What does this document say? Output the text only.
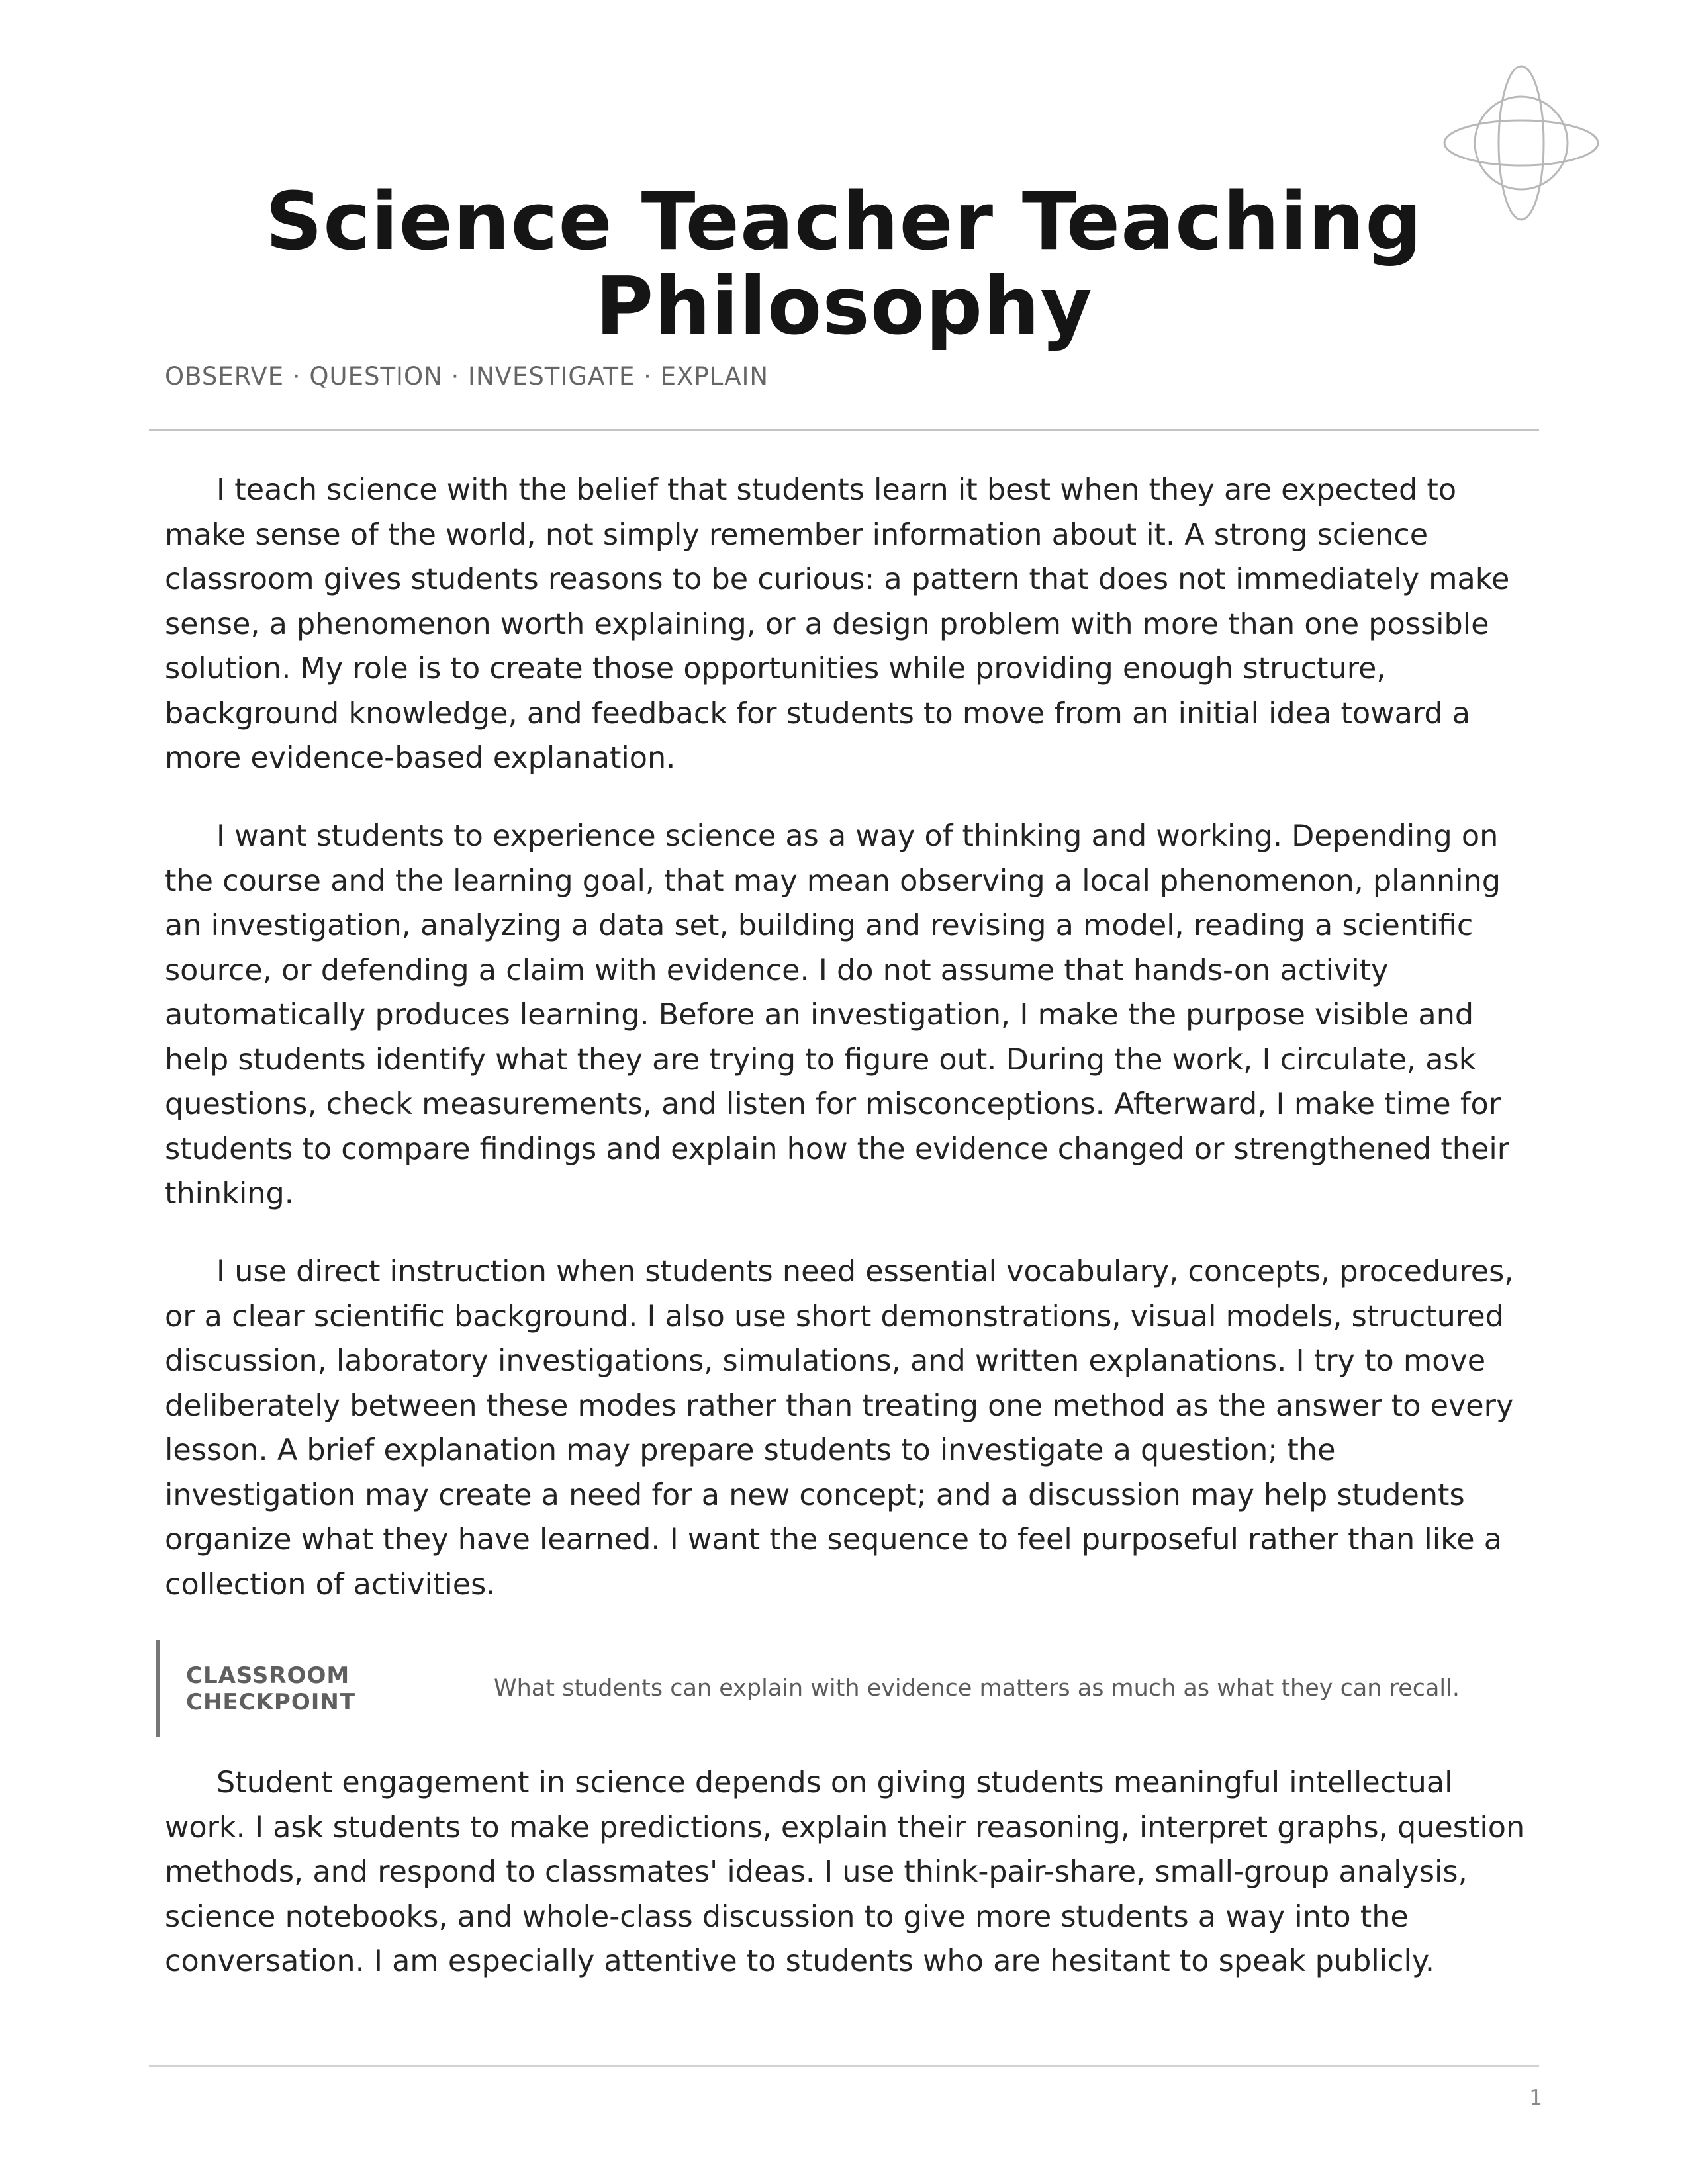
Science Teacher Teaching Philosophy

OBSERVE · QUESTION · INVESTIGATE · EXPLAIN

I teach science with the belief that students learn it best when they are expected to make sense of the world, not simply remember information about it. A strong science classroom gives students reasons to be curious: a pattern that does not immediately make sense, a phenomenon worth explaining, or a design problem with more than one possible solution. My role is to create those opportunities while providing enough structure, background knowledge, and feedback for students to move from an initial idea toward a more evidence-based explanation.

I want students to experience science as a way of thinking and working. Depending on the course and the learning goal, that may mean observing a local phenomenon, planning an investigation, analyzing a data set, building and revising a model, reading a scientific source, or defending a claim with evidence. I do not assume that hands-on activity automatically produces learning. Before an investigation, I make the purpose visible and help students identify what they are trying to figure out. During the work, I circulate, ask questions, check measurements, and listen for misconceptions. Afterward, I make time for students to compare findings and explain how the evidence changed or strengthened their thinking.

I use direct instruction when students need essential vocabulary, concepts, procedures, or a clear scientific background. I also use short demonstrations, visual models, structured discussion, laboratory investigations, simulations, and written explanations. I try to move deliberately between these modes rather than treating one method as the answer to every lesson. A brief explanation may prepare students to investigate a question; the investigation may create a need for a new concept; and a discussion may help students organize what they have learned. I want the sequence to feel purposeful rather than like a collection of activities.

CLASSROOM CHECKPOINT

What students can explain with evidence matters as much as what they can recall.

Student engagement in science depends on giving students meaningful intellectual work. I ask students to make predictions, explain their reasoning, interpret graphs, question methods, and respond to classmates' ideas. I use think-pair-share, small-group analysis, science notebooks, and whole-class discussion to give more students a way into the conversation. I am especially attentive to students who are hesitant to speak publicly.

1
